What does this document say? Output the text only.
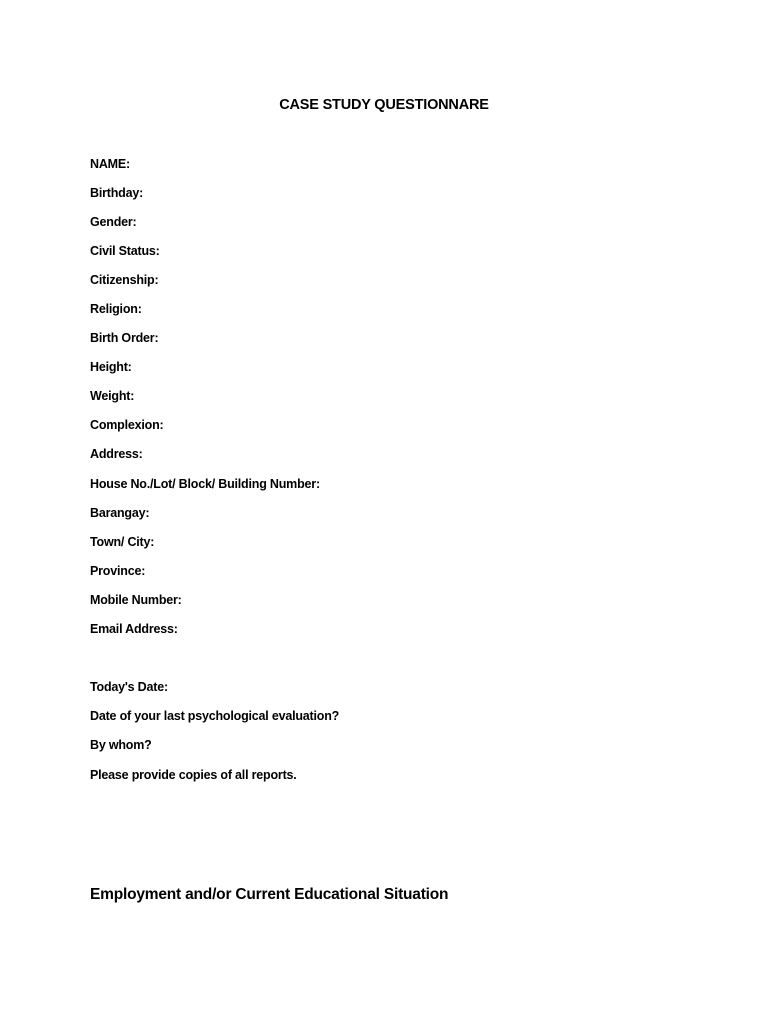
CASE STUDY QUESTIONNARE
NAME:
Birthday:
Gender:
Civil Status:
Citizenship:
Religion:
Birth Order:
Height:
Weight:
Complexion:
Address:
House No./Lot/ Block/ Building Number:
Barangay:
Town/ City:
Province:
Mobile Number:
Email Address:
Today's Date:
Date of your last psychological evaluation?
By whom?
Please provide copies of all reports.
Employment and/or Current Educational Situation
